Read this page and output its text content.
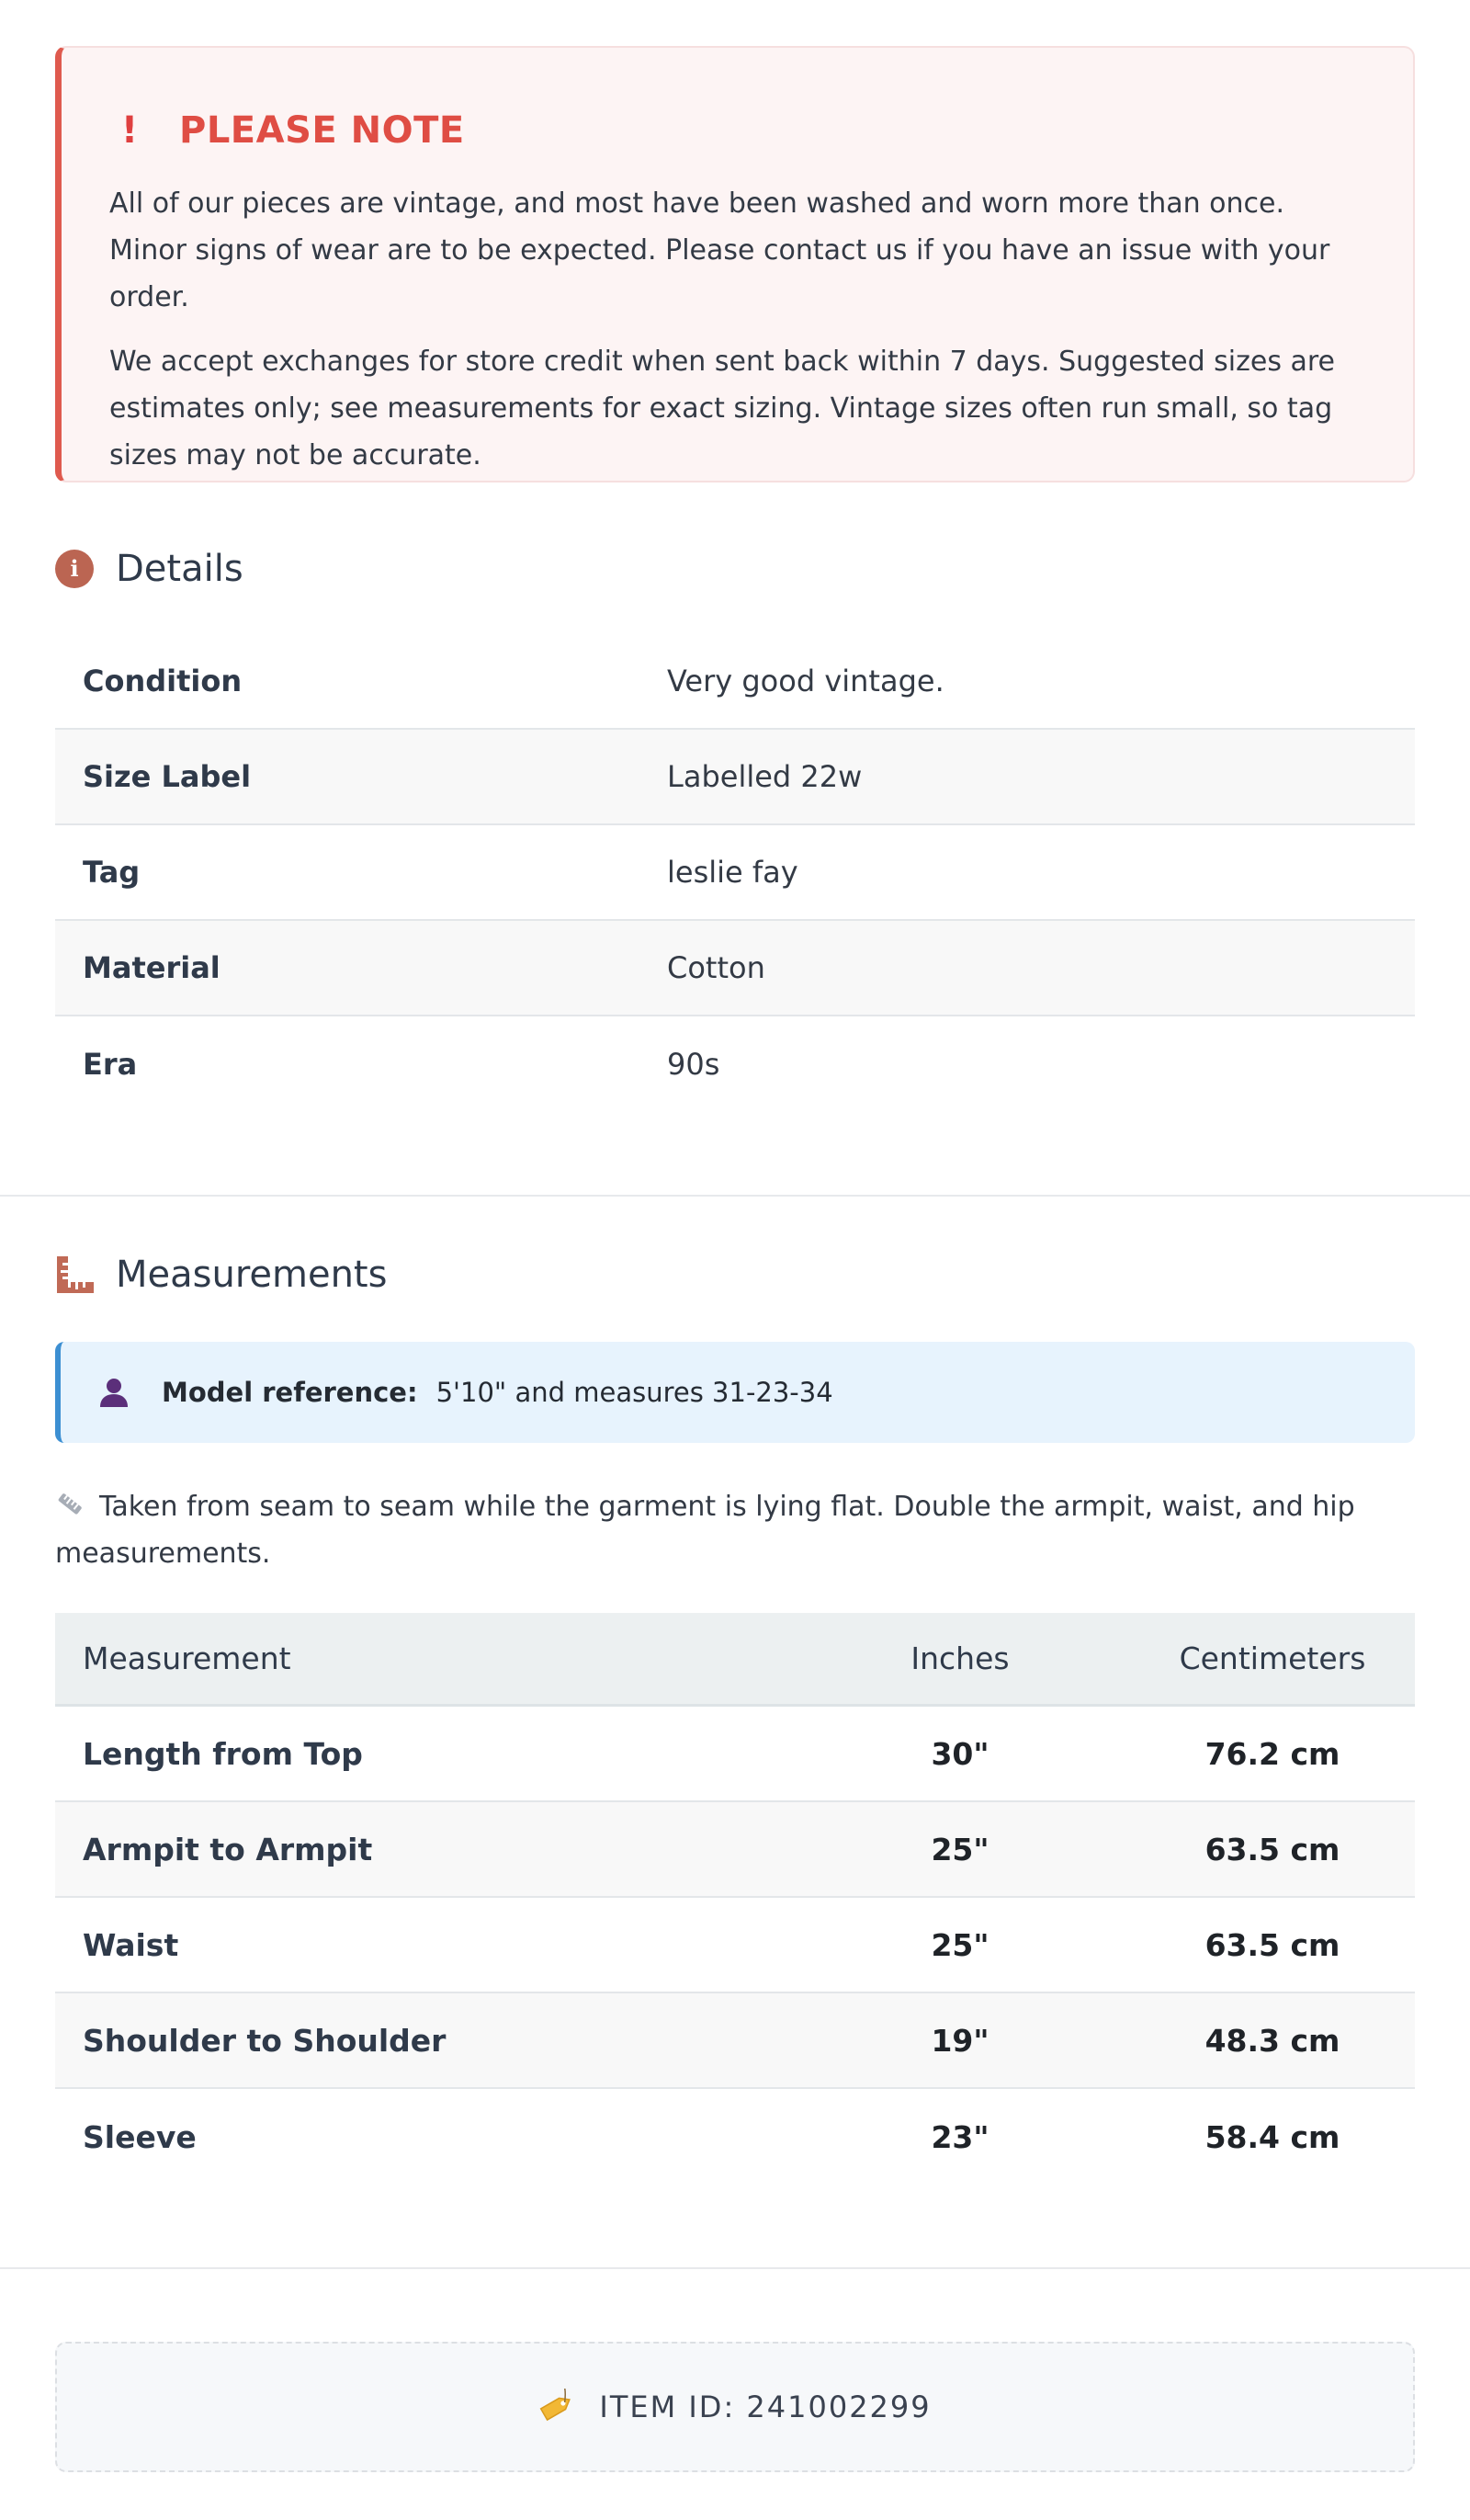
! PLEASE NOTE

All of our pieces are vintage, and most have been washed and worn more than once. Minor signs of wear are to be expected. Please contact us if you have an issue with your order.

We accept exchanges for store credit when sent back within 7 days. Suggested sizes are estimates only; see measurements for exact sizing. Vintage sizes often run small, so tag sizes may not be accurate.

i	Details
Condition	Very good vintage.
Size Label	Labelled 22w
Tag	leslie fay
Material	Cotton
Era	90s
Measurements
Model reference: 5'10" and measures 31-23-34
Taken from seam to seam while the garment is lying flat. Double the armpit, waist, and hip measurements.
Measurement	Inches	Centimeters
Length from Top	30"	76.2 cm
Armpit to Armpit	25"	63.5 cm
Waist	25"	63.5 cm
Shoulder to Shoulder	19"	48.3 cm
Sleeve	23"	58.4 cm
ITEM ID: 241002299
